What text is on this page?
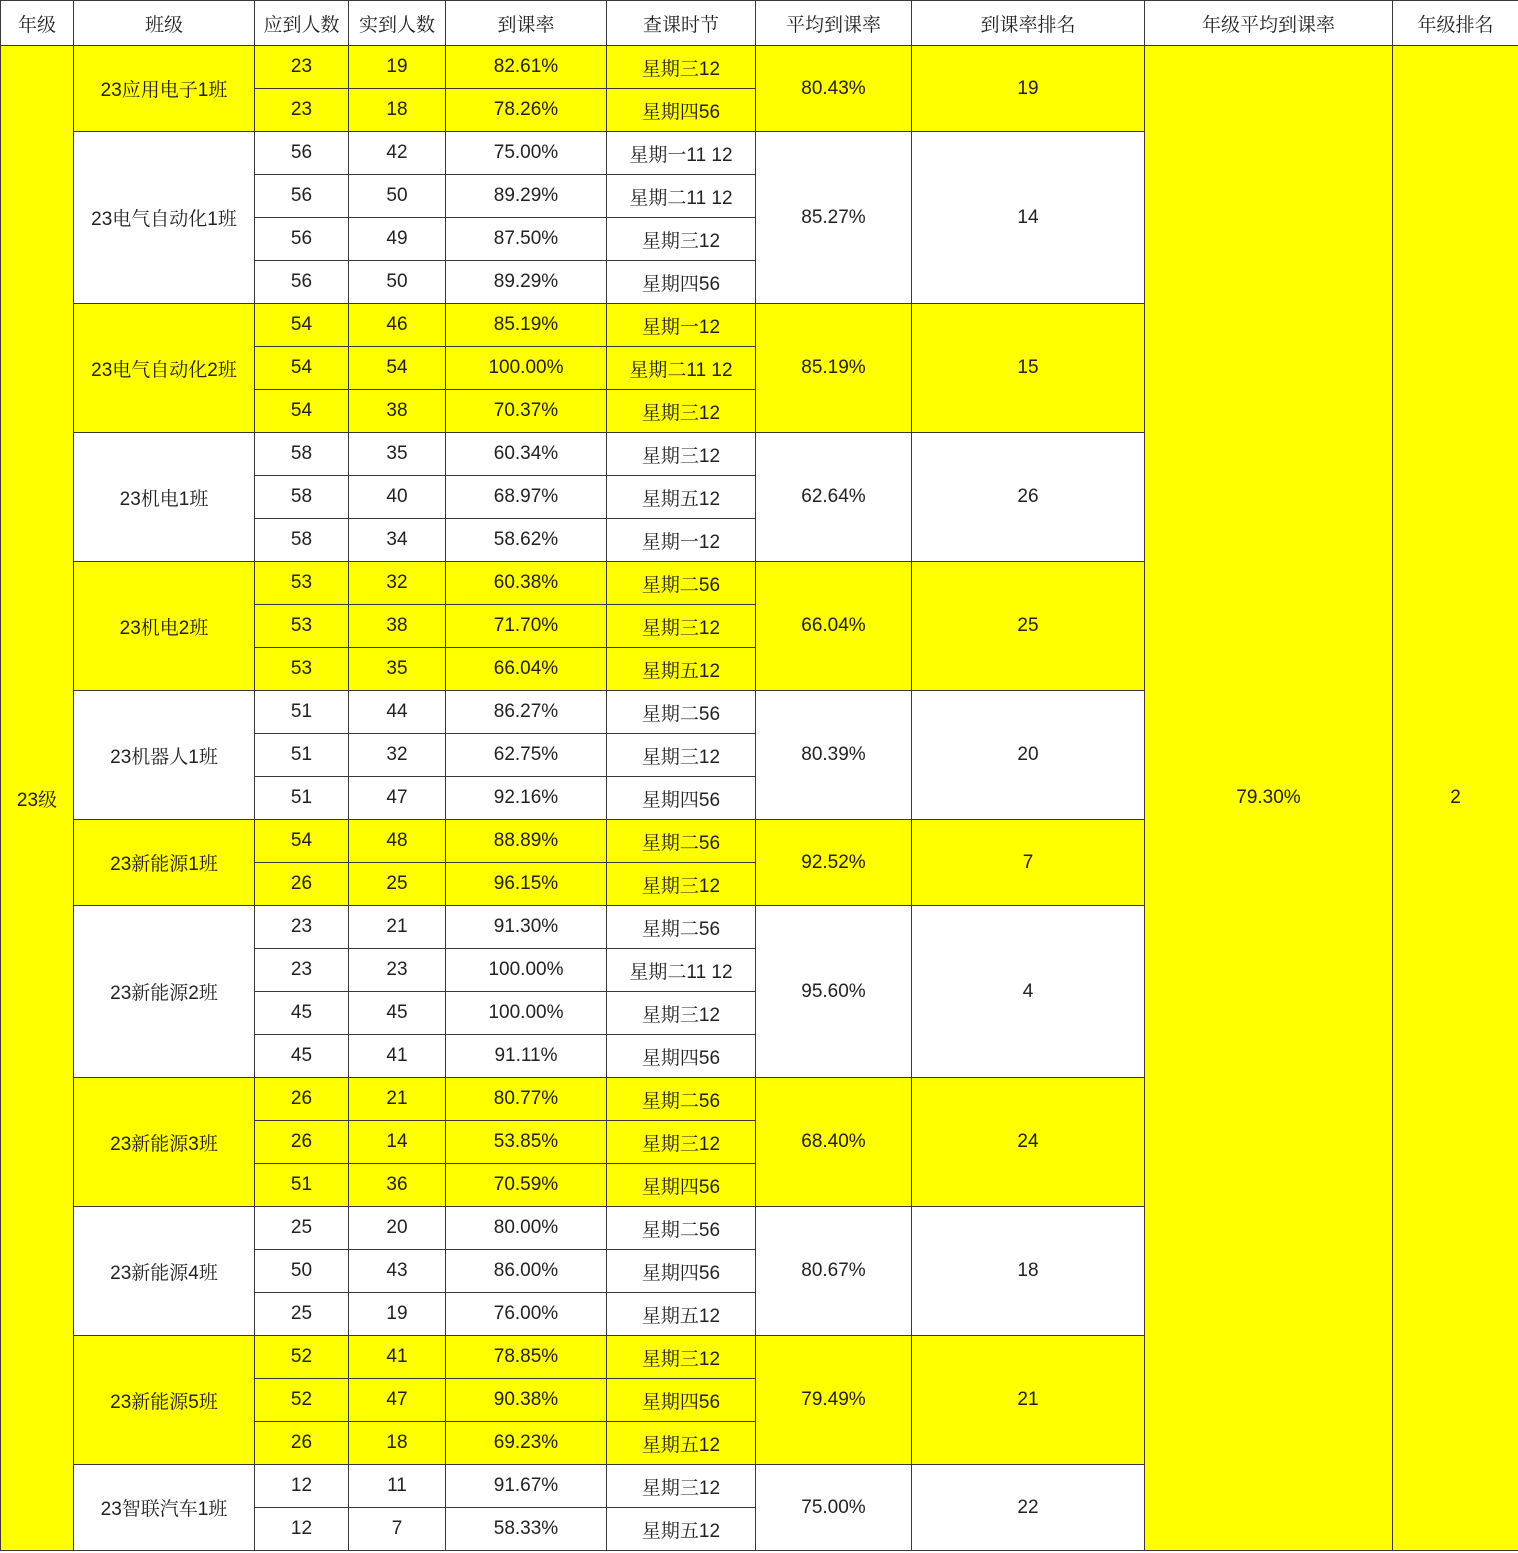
年级	班级	应到人数	实到人数	到课率	查课时节	平均到课率	到课率排名	年级平均到课率	年级排名
23级	23应用电子1班	23	19	82.61%	星期三12	80.43%	19	79.30%	2
		23	18	78.26%	星期四56				
	23电气自动化1班	56	42	75.00%	星期一11 12	85.27%	14		
		56	50	89.29%	星期二11 12				
		56	49	87.50%	星期三12				
		56	50	89.29%	星期四56				
	23电气自动化2班	54	46	85.19%	星期一12	85.19%	15		
		54	54	100.00%	星期二11 12				
		54	38	70.37%	星期三12				
	23机电1班	58	35	60.34%	星期三12	62.64%	26		
		58	40	68.97%	星期五12				
		58	34	58.62%	星期一12				
	23机电2班	53	32	60.38%	星期二56	66.04%	25		
		53	38	71.70%	星期三12				
		53	35	66.04%	星期五12				
	23机器人1班	51	44	86.27%	星期二56	80.39%	20		
		51	32	62.75%	星期三12				
		51	47	92.16%	星期四56				
	23新能源1班	54	48	88.89%	星期二56	92.52%	7		
		26	25	96.15%	星期三12				
	23新能源2班	23	21	91.30%	星期二56	95.60%	4		
		23	23	100.00%	星期二11 12				
		45	45	100.00%	星期三12				
		45	41	91.11%	星期四56				
	23新能源3班	26	21	80.77%	星期二56	68.40%	24		
		26	14	53.85%	星期三12				
		51	36	70.59%	星期四56				
	23新能源4班	25	20	80.00%	星期二56	80.67%	18		
		50	43	86.00%	星期四56				
		25	19	76.00%	星期五12				
	23新能源5班	52	41	78.85%	星期三12	79.49%	21		
		52	47	90.38%	星期四56				
		26	18	69.23%	星期五12				
	23智联汽车1班	12	11	91.67%	星期三12	75.00%	22		
		12	7	58.33%	星期五12				
